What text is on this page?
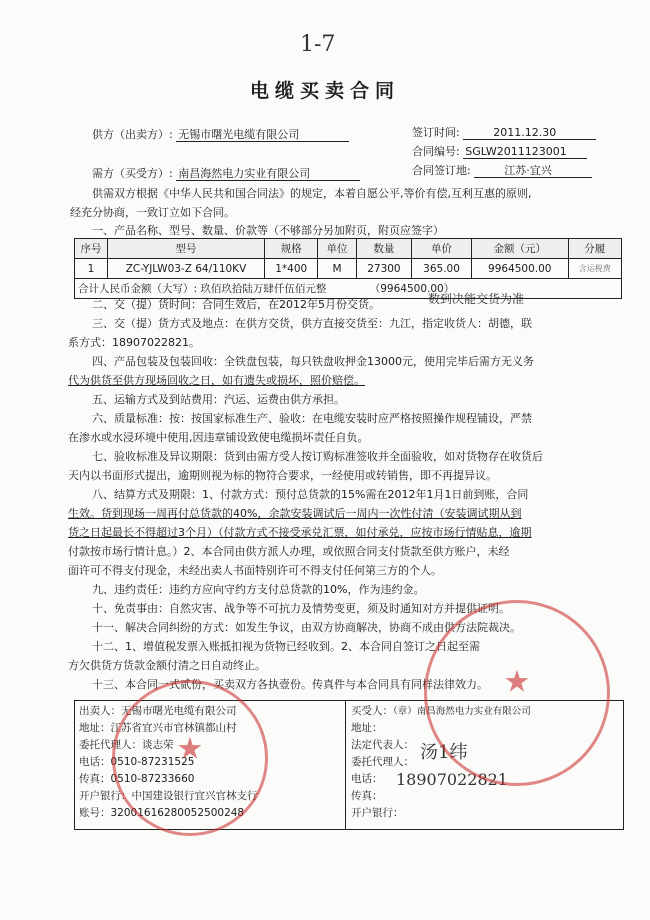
1-7
电缆买卖合同
供方（出卖方）: 无锡市曙光电缆有限公司
需方（买受方）: 南昌海然电力实业有限公司
签订时间:	2011.12.30
合同编号: SGLW2011123001
合同签订地:	江苏·宜兴
供需双方根据《中华人民共和国合同法》的规定，本着自愿公平,等价有偿,互利互惠的原则,
经充分协商，一致订立如下合同。
一、产品名称、型号、数量、价款等（不够部分另加附页，附页应签字）
序号	型号	规格	单位	数量	单价	金额（元）	分履
1	ZC-YJLW03-Z 64/110KV	1*400	M	27300	365.00	9964500.00	含运税费
合计人民币金额（大写）: 玖佰玖拾陆万肆仟伍佰元整 （9964500.00）							
二、交（提）货时间：合同生效后，在2012年5月份交货。	数到决能交货为准
三、交（提）货方式及地点：在供方交货，供方直接交货至：九江，指定收货人：胡德，联
系方式：18907022821。
四、产品包装及包装回收：全铁盘包装，每只铁盘收押金13000元，使用完毕后需方无义务
代为供货至供方现场回收之日，如有遗失或损坏，照价赔偿。
五、运输方式及到站费用：汽运、运费由供方承担。
六、质量标准：按：按国家标准生产、验收：在电缆安装时应严格按照操作规程铺设，严禁
在渗水或水浸环境中使用,因违章铺设致使电缆损坏责任自负。
七、验收标准及异议期限：货到由需方受人按订购标准签收并全面验收，如对货物存在收货后
天内以书面形式提出，逾期则视为标的物符合要求，一经使用或转销售，即不再提异议。
八、结算方式及期限：1、付款方式：预付总货款的15%需在2012年1月1日前到账，合同
生效。货到现场一周再付总货款的40%，余款安装调试后一周内一次性付清（安装调试期从到
货之日起最长不得超过3个月）（付款方式不接受承兑汇票，如付承兑，应按市场行情贴息，逾期
付款按市场行情计息。）2、本合同由供方派人办理，或依照合同支付货款至供方账户，未经
面许可不得支付现金，未经出卖人书面特别许可不得支付任何第三方的个人。
九、违约责任：违约方应向守约方支付总货款的10%，作为违约金。
十、免责事由：自然灾害、战争等不可抗力及情势变更，须及时通知对方并提供证明。
十一、解决合同纠纷的方式：如发生争议，由双方协商解决，协商不成由供方法院裁决。
十二、1、增值税发票入账抵扣视为货物已经收到。2、本合同自签订之日起至需
方欠供货方货款金额付清之日自动终止。
十三、本合同一式贰份，买卖双方各执壹份。传真件与本合同具有同样法律效力。
出卖人：无锡市曙光电缆有限公司
地址：江苏省宜兴市官林镇都山村
委托代理人：谈志荣
电话：0510-87231525
传真：0510-87233660
开户银行：中国建设银行宜兴官林支行
账号：32001616280052500248
买受人：（章）南昌海然电力实业有限公司
地址：
法定代表人：
委托代理人：
电话：
传真：
开户银行：
汤1纬
18907022821
★
★
